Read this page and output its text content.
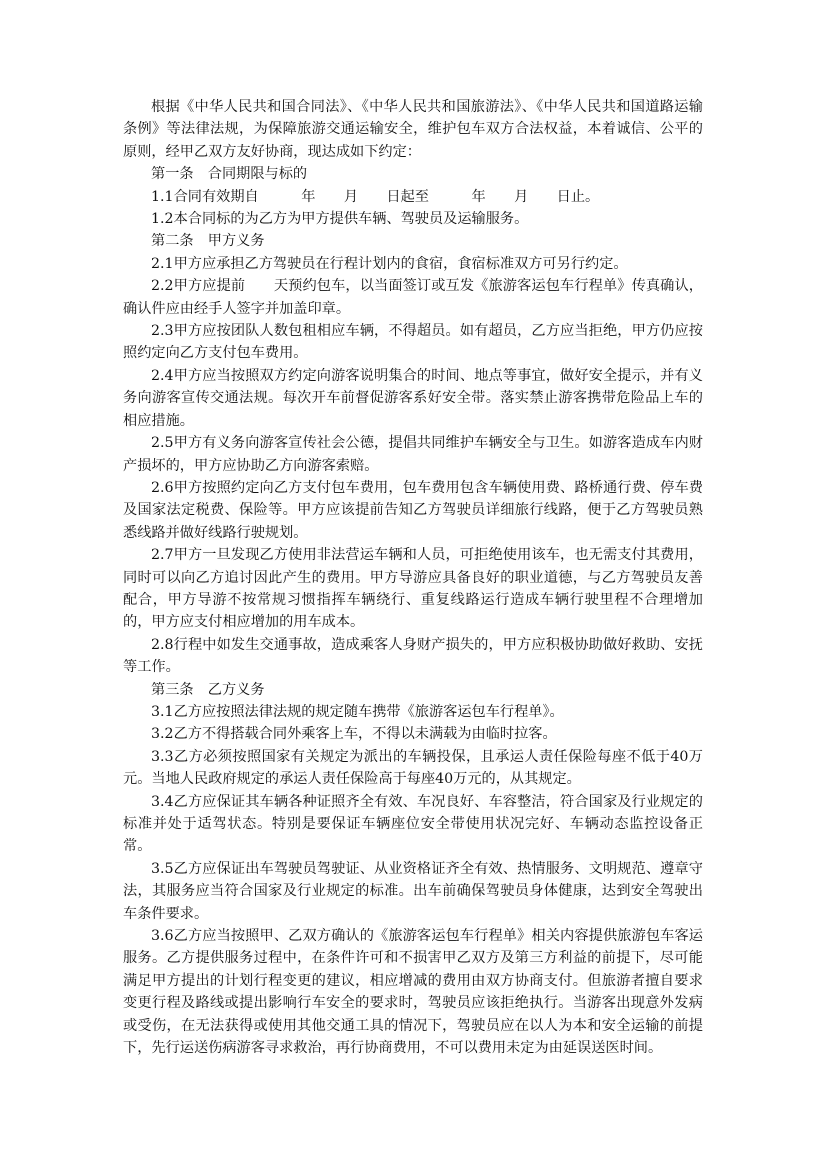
根据《中华人民共和国合同法》、《中华人民共和国旅游法》、《中华人民共和国道路运输条例》等法律法规，为保障旅游交通运输安全，维护包车双方合法权益，本着诚信、公平的原则，经甲乙双方友好协商，现达成如下约定：

第一条　合同期限与标的

1.1合同有效期自　　　年　　月　　日起至　　　年　　月　　日止。

1.2本合同标的为乙方为甲方提供车辆、驾驶员及运输服务。

第二条　甲方义务

2.1甲方应承担乙方驾驶员在行程计划内的食宿，食宿标准双方可另行约定。

2.2甲方应提前　　天预约包车，以当面签订或互发《旅游客运包车行程单》传真确认，确认件应由经手人签字并加盖印章。

2.3甲方应按团队人数包租相应车辆，不得超员。如有超员，乙方应当拒绝，甲方仍应按照约定向乙方支付包车费用。

2.4甲方应当按照双方约定向游客说明集合的时间、地点等事宜，做好安全提示，并有义务向游客宣传交通法规。每次开车前督促游客系好安全带。落实禁止游客携带危险品上车的相应措施。

2.5甲方有义务向游客宣传社会公德，提倡共同维护车辆安全与卫生。如游客造成车内财产损坏的，甲方应协助乙方向游客索赔。

2.6甲方按照约定向乙方支付包车费用，包车费用包含车辆使用费、路桥通行费、停车费及国家法定税费、保险等。甲方应该提前告知乙方驾驶员详细旅行线路，便于乙方驾驶员熟悉线路并做好线路行驶规划。

2.7甲方一旦发现乙方使用非法营运车辆和人员，可拒绝使用该车，也无需支付其费用，同时可以向乙方追讨因此产生的费用。甲方导游应具备良好的职业道德，与乙方驾驶员友善配合，甲方导游不按常规习惯指挥车辆绕行、重复线路运行造成车辆行驶里程不合理增加的，甲方应支付相应增加的用车成本。

2.8行程中如发生交通事故，造成乘客人身财产损失的，甲方应积极协助做好救助、安抚等工作。

第三条　乙方义务

3.1乙方应按照法律法规的规定随车携带《旅游客运包车行程单》。

3.2乙方不得搭载合同外乘客上车，不得以未满载为由临时拉客。

3.3乙方必须按照国家有关规定为派出的车辆投保，且承运人责任保险每座不低于40万元。当地人民政府规定的承运人责任保险高于每座40万元的，从其规定。

3.4乙方应保证其车辆各种证照齐全有效、车况良好、车容整洁，符合国家及行业规定的标准并处于适驾状态。特别是要保证车辆座位安全带使用状况完好、车辆动态监控设备正常。

3.5乙方应保证出车驾驶员驾驶证、从业资格证齐全有效、热情服务、文明规范、遵章守法，其服务应当符合国家及行业规定的标准。出车前确保驾驶员身体健康，达到安全驾驶出车条件要求。

3.6乙方应当按照甲、乙双方确认的《旅游客运包车行程单》相关内容提供旅游包车客运服务。乙方提供服务过程中，在条件许可和不损害甲乙双方及第三方利益的前提下，尽可能满足甲方提出的计划行程变更的建议，相应增减的费用由双方协商支付。但旅游者擅自要求变更行程及路线或提出影响行车安全的要求时，驾驶员应该拒绝执行。当游客出现意外发病或受伤，在无法获得或使用其他交通工具的情况下，驾驶员应在以人为本和安全运输的前提下，先行运送伤病游客寻求救治，再行协商费用，不可以费用未定为由延误送医时间。
